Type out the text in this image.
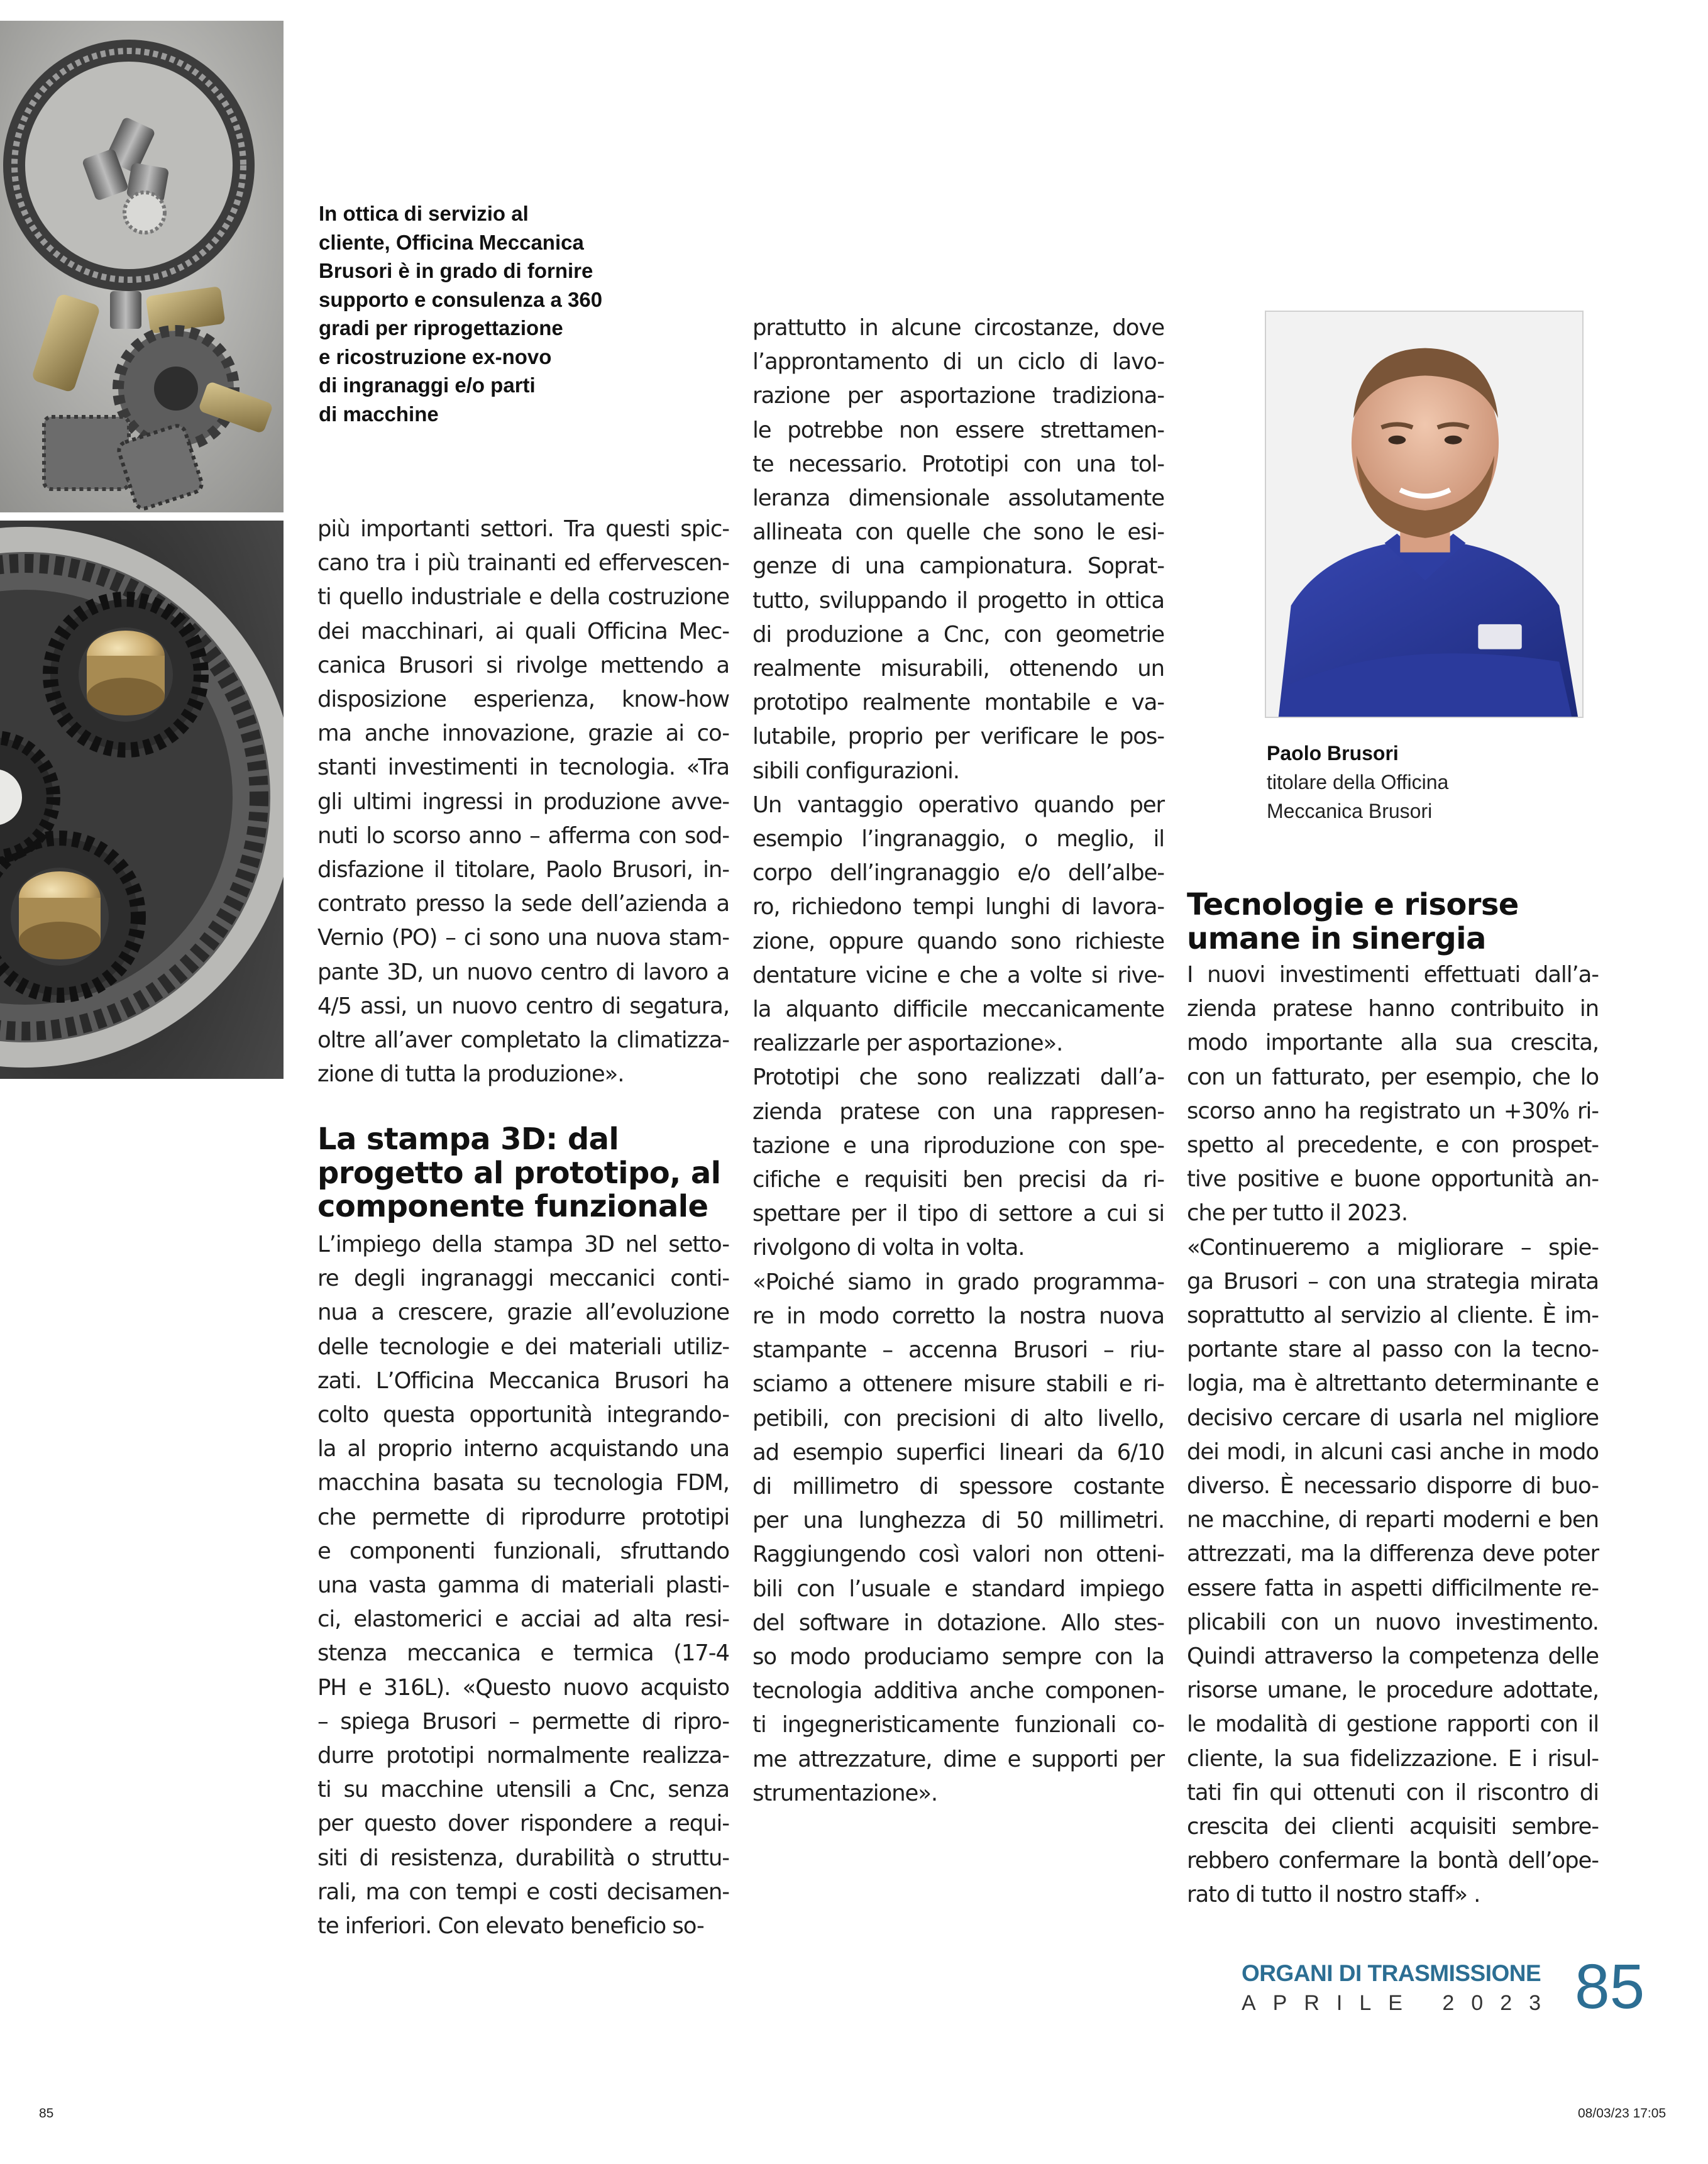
In ottica di servizio al
cliente, Officina Meccanica
Brusori è in grado di fornire
supporto e consulenza a 360
gradi per riprogettazione
e ricostruzione ex-novo
di ingranaggi e/o parti
di macchine
più importanti settori. Tra questi spic-
cano tra i più trainanti ed effervescen-
ti quello industriale e della costruzione
dei macchinari, ai quali Officina Mec-
canica Brusori si rivolge mettendo a
disposizione esperienza, know-how
ma anche innovazione, grazie ai co-
stanti investimenti in tecnologia. «Tra
gli ultimi ingressi in produzione avve-
nuti lo scorso anno – afferma con sod-
disfazione il titolare, Paolo Brusori, in-
contrato presso la sede dell’azienda a
Vernio (PO) – ci sono una nuova stam-
pante 3D, un nuovo centro di lavoro a
4/5 assi, un nuovo centro di segatura,
oltre all’aver completato la climatizza-
zione di tutta la produzione».
La stampa 3D: dal
progetto al prototipo, al
componente funzionale
L’impiego della stampa 3D nel setto-
re degli ingranaggi meccanici conti-
nua a crescere, grazie all’evoluzione
delle tecnologie e dei materiali utiliz-
zati. L’Officina Meccanica Brusori ha
colto questa opportunità integrando-
la al proprio interno acquistando una
macchina basata su tecnologia FDM,
che permette di riprodurre prototipi
e componenti funzionali, sfruttando
una vasta gamma di materiali plasti-
ci, elastomerici e acciai ad alta resi-
stenza meccanica e termica (17-4
PH e 316L). «Questo nuovo acquisto
– spiega Brusori – permette di ripro-
durre prototipi normalmente realizza-
ti su macchine utensili a Cnc, senza
per questo dover rispondere a requi-
siti di resistenza, durabilità o struttu-
rali, ma con tempi e costi decisamen-
te inferiori. Con elevato beneficio so-
prattutto in alcune circostanze, dove
l’approntamento di un ciclo di lavo-
razione per asportazione tradiziona-
le potrebbe non essere strettamen-
te necessario. Prototipi con una tol-
leranza dimensionale assolutamente
allineata con quelle che sono le esi-
genze di una campionatura. Soprat-
tutto, sviluppando il progetto in ottica
di produzione a Cnc, con geometrie
realmente misurabili, ottenendo un
prototipo realmente montabile e va-
lutabile, proprio per verificare le pos-
sibili configurazioni.
Un vantaggio operativo quando per
esempio l’ingranaggio, o meglio, il
corpo dell’ingranaggio e/o dell’albe-
ro, richiedono tempi lunghi di lavora-
zione, oppure quando sono richieste
dentature vicine e che a volte si rive-
la alquanto difficile meccanicamente
realizzarle per asportazione».
Prototipi che sono realizzati dall’a-
zienda pratese con una rappresen-
tazione e una riproduzione con spe-
cifiche e requisiti ben precisi da ri-
spettare per il tipo di settore a cui si
rivolgono di volta in volta.
«Poiché siamo in grado programma-
re in modo corretto la nostra nuova
stampante – accenna Brusori – riu-
sciamo a ottenere misure stabili e ri-
petibili, con precisioni di alto livello,
ad esempio superfici lineari da 6/10
di millimetro di spessore costante
per una lunghezza di 50 millimetri.
Raggiungendo così valori non otteni-
bili con l’usuale e standard impiego
del software in dotazione. Allo stes-
so modo produciamo sempre con la
tecnologia additiva anche componen-
ti ingegneristicamente funzionali co-
me attrezzature, dime e supporti per
strumentazione».
Paolo Brusori
titolare della Officina
Meccanica Brusori
Tecnologie e risorse
umane in sinergia
I nuovi investimenti effettuati dall’a-
zienda pratese hanno contribuito in
modo importante alla sua crescita,
con un fatturato, per esempio, che lo
scorso anno ha registrato un +30% ri-
spetto al precedente, e con prospet-
tive positive e buone opportunità an-
che per tutto il 2023.
«Continueremo a migliorare – spie-
ga Brusori – con una strategia mirata
soprattutto al servizio al cliente. È im-
portante stare al passo con la tecno-
logia, ma è altrettanto determinante e
decisivo cercare di usarla nel migliore
dei modi, in alcuni casi anche in modo
diverso. È necessario disporre di buo-
ne macchine, di reparti moderni e ben
attrezzati, ma la differenza deve poter
essere fatta in aspetti difficilmente re-
plicabili con un nuovo investimento.
Quindi attraverso la competenza delle
risorse umane, le procedure adottate,
le modalità di gestione rapporti con il
cliente, la sua fidelizzazione. E i risul-
tati fin qui ottenuti con il riscontro di
crescita dei clienti acquisiti sembre-
rebbero confermare la bontà dell’ope-
rato di tutto il nostro staff» .
ORGANI DI TRASMISSIONE
APRILE 2023 85
85	08/03/23 17:05
